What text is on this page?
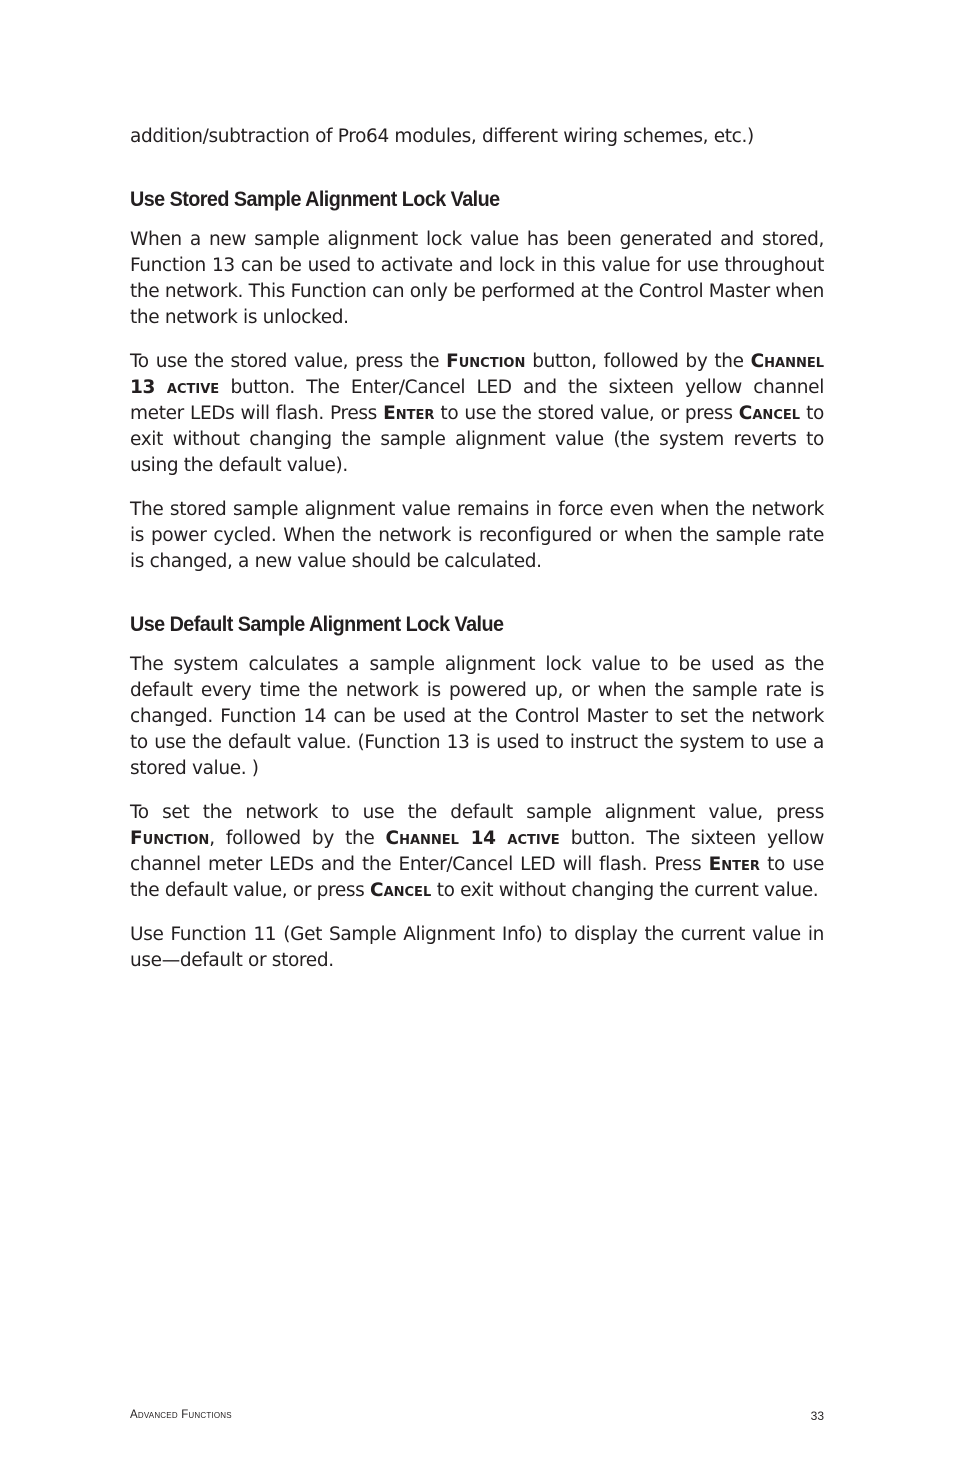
addition/subtraction of Pro64 modules, different wiring schemes, etc.)

Use Stored Sample Alignment Lock Value

When a new sample alignment lock value has been generated and stored, Function 13 can be used to activate and lock in this value for use throughout the network. This Function can only be performed at the Control Master when the network is unlocked.

To use the stored value, press the Function button, followed by the Channel 13 active button. The Enter/Cancel LED and the sixteen yellow channel meter LEDs will flash. Press Enter to use the stored value, or press Cancel to exit without changing the sample alignment value (the system reverts to using the default value).

The stored sample alignment value remains in force even when the network is power cycled. When the network is reconfigured or when the sample rate is changed, a new value should be calculated.

Use Default Sample Alignment Lock Value

The system calculates a sample alignment lock value to be used as the default every time the network is powered up, or when the sample rate is changed. Function 14 can be used at the Control Master to set the network to use the default value. (Function 13 is used to instruct the system to use a stored value. )

To set the network to use the default sample alignment value, press Function, followed by the Channel 14 active button. The sixteen yellow channel meter LEDs and the Enter/Cancel LED will flash. Press Enter to use the default value, or press Cancel to exit without changing the current value.

Use Function 11 (Get Sample Alignment Info) to display the current value in use—default or stored.

Advanced Functions	33
